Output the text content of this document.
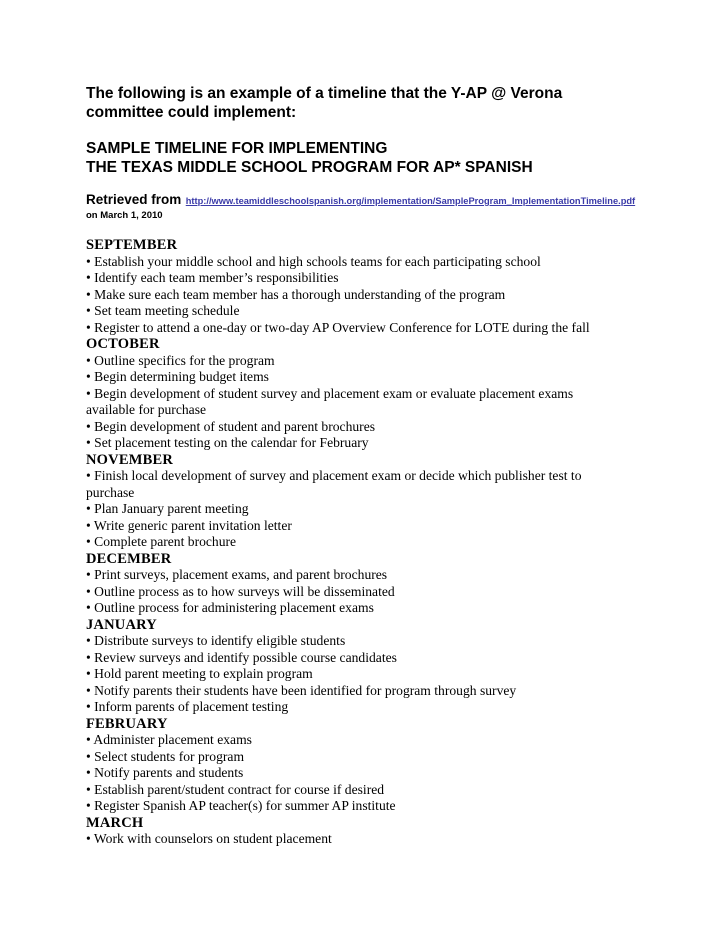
The following is an example of a timeline that the Y-AP @ Verona
committee could implement:
SAMPLE TIMELINE FOR IMPLEMENTING
THE TEXAS MIDDLE SCHOOL PROGRAM FOR AP* SPANISH
Retrieved from http://www.teamiddleschoolspanish.org/implementation/SampleProgram_ImplementationTimeline.pdf
on March 1, 2010
SEPTEMBER
• Establish your middle school and high schools teams for each participating school
• Identify each team member’s responsibilities
• Make sure each team member has a thorough understanding of the program
• Set team meeting schedule
• Register to attend a one-day or two-day AP Overview Conference for LOTE during the fall
OCTOBER
• Outline specifics for the program
• Begin determining budget items
• Begin development of student survey and placement exam or evaluate placement exams
available for purchase
• Begin development of student and parent brochures
• Set placement testing on the calendar for February
NOVEMBER
• Finish local development of survey and placement exam or decide which publisher test to
purchase
• Plan January parent meeting
• Write generic parent invitation letter
• Complete parent brochure
DECEMBER
• Print surveys, placement exams, and parent brochures
• Outline process as to how surveys will be disseminated
• Outline process for administering placement exams
JANUARY
• Distribute surveys to identify eligible students
• Review surveys and identify possible course candidates
• Hold parent meeting to explain program
• Notify parents their students have been identified for program through survey
• Inform parents of placement testing
FEBRUARY
• Administer placement exams
• Select students for program
• Notify parents and students
• Establish parent/student contract for course if desired
• Register Spanish AP teacher(s) for summer AP institute
MARCH
• Work with counselors on student placement
